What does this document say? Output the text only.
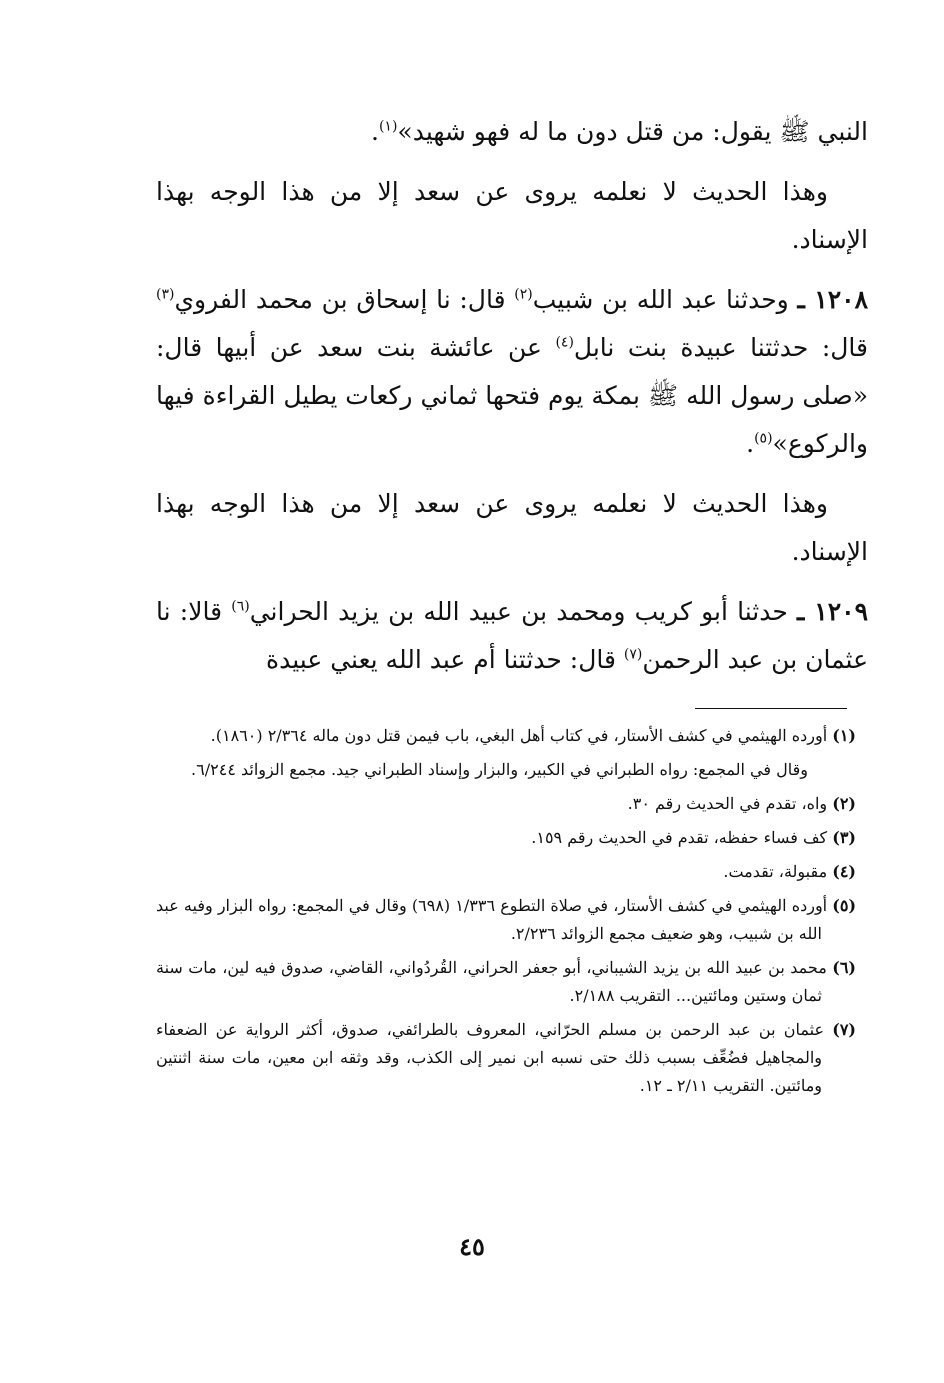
النبي ﷺ يقول: من قتل دون ما له فهو شهيد»$^{(١)}$.

وهذا الحديث لا نعلمه يروى عن سعد إلا من هذا الوجه بهذا الإسناد.

١٢٠٨ ـ وحدثنا عبد الله بن شبيب$^{(٢)}$ قال: نا إسحاق بن محمد الفروي$^{(٣)}$ قال: حدثتنا عبيدة بنت نابل$^{(٤)}$ عن عائشة بنت سعد عن أبيها قال: «صلى رسول الله ﷺ بمكة يوم فتحها ثماني ركعات يطيل القراءة فيها والركوع»$^{(٥)}$.

وهذا الحديث لا نعلمه يروى عن سعد إلا من هذا الوجه بهذا الإسناد.

١٢٠٩ ـ حدثنا أبو كريب ومحمد بن عبيد الله بن يزيد الحراني$^{(٦)}$ قالا: نا عثمان بن عبد الرحمن$^{(٧)}$ قال: حدثتنا أم عبد الله يعني عبيدة

(١) أورده الهيثمي في كشف الأستار، في كتاب أهل البغي، باب فيمن قتل دون ماله ٢/٣٦٤ (١٨٦٠).

وقال في المجمع: رواه الطبراني في الكبير، والبزار وإسناد الطبراني جيد. مجمع الزوائد ٦/٢٤٤.

(٢) واه، تقدم في الحديث رقم ٣٠.

(٣) كف فساء حفظه، تقدم في الحديث رقم ١٥٩.

(٤) مقبولة، تقدمت.

(٥) أورده الهيثمي في كشف الأستار، في صلاة التطوع ١/٣٣٦ (٦٩٨) وقال في المجمع: رواه البزار وفيه عبد الله بن شبيب، وهو ضعيف مجمع الزوائد ٢/٢٣٦.

(٦) محمد بن عبيد الله بن يزيد الشيباني، أبو جعفر الحراني، القُردُواني، القاضي، صدوق فيه لين، مات سنة ثمان وستين ومائتين... التقريب ٢/١٨٨.

(٧) عثمان بن عبد الرحمن بن مسلم الحرّاني، المعروف بالطرائفي، صدوق، أكثر الرواية عن الضعفاء والمجاهيل فضُعِّف بسبب ذلك حتى نسبه ابن نمير إلى الكذب، وقد وثقه ابن معين، مات سنة اثنتين ومائتين. التقريب ٢/١١ ـ ١٢.

٤٥
